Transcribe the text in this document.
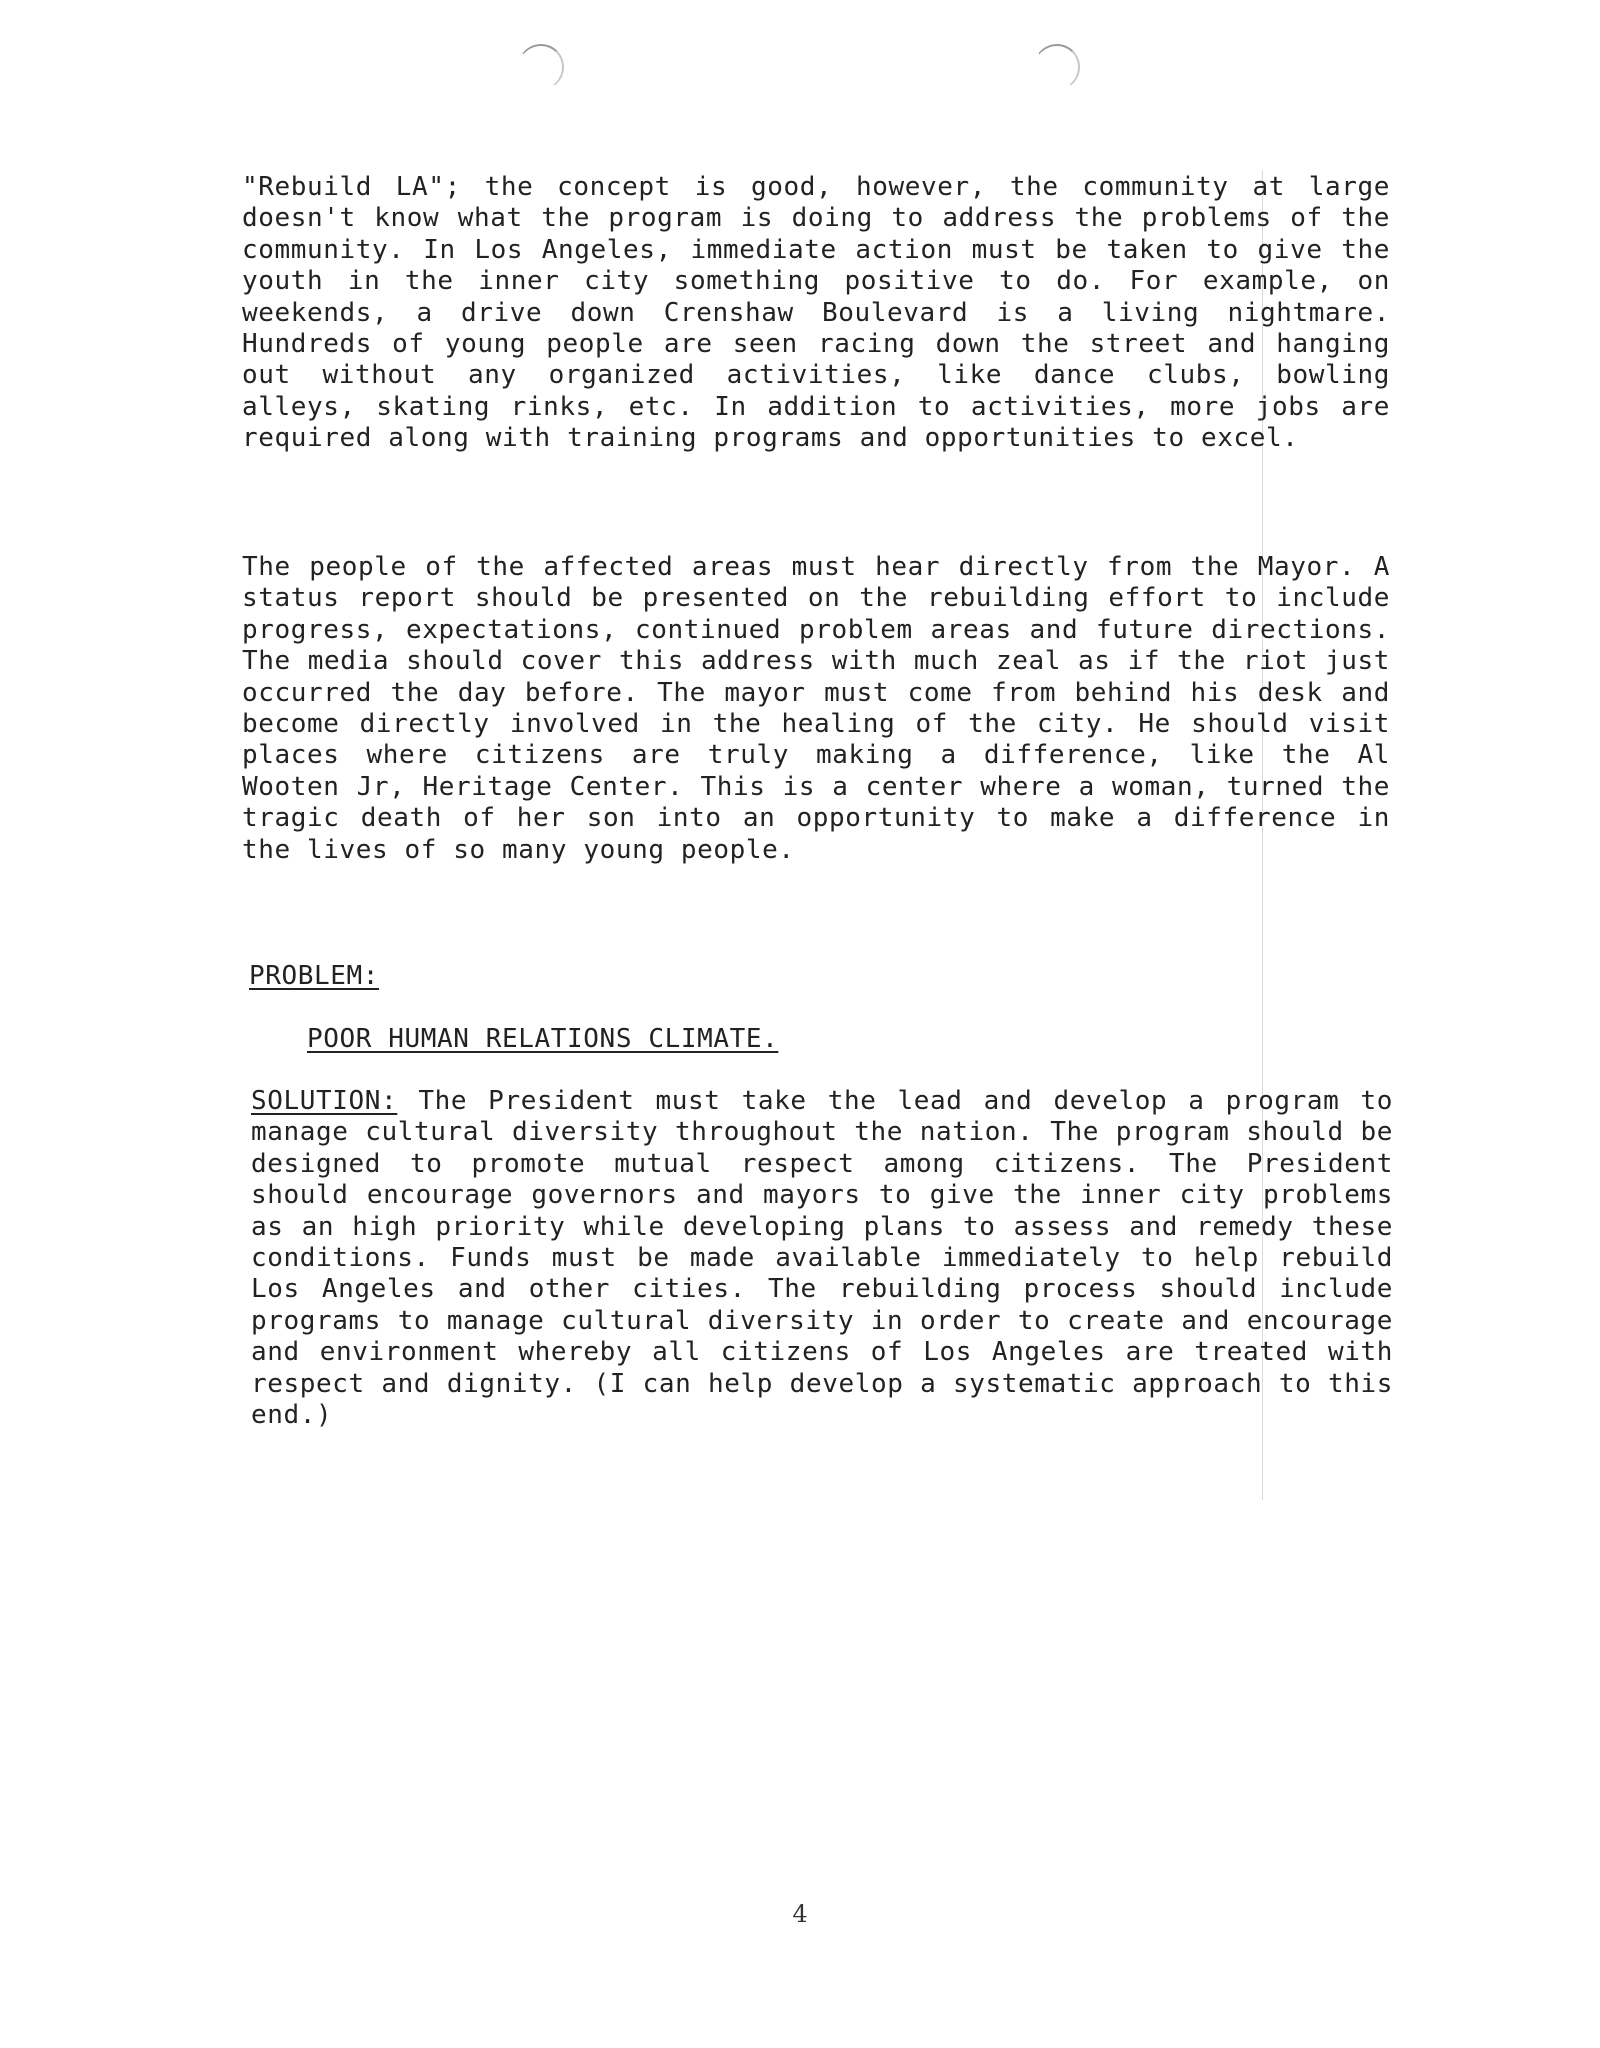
"Rebuild LA"; the concept is good, however, the community at large doesn't know what the program is doing to address the problems of the community. In Los Angeles, immediate action must be taken to give the youth in the inner city something positive to do. For example, on weekends, a drive down Crenshaw Boulevard is a living nightmare. Hundreds of young people are seen racing down the street and hanging out without any organized activities, like dance clubs, bowling alleys, skating rinks, etc. In addition to activities, more jobs are required along with training programs and opportunities to excel.

The people of the affected areas must hear directly from the Mayor. A status report should be presented on the rebuilding effort to include progress, expectations, continued problem areas and future directions. The media should cover this address with much zeal as if the riot just occurred the day before. The mayor must come from behind his desk and become directly involved in the healing of the city. He should visit places where citizens are truly making a difference, like the Al Wooten Jr, Heritage Center. This is a center where a woman, turned the tragic death of her son into an opportunity to make a difference in the lives of so many young people.

PROBLEM:

POOR HUMAN RELATIONS CLIMATE.

SOLUTION: The President must take the lead and develop a program to manage cultural diversity throughout the nation. The program should be designed to promote mutual respect among citizens. The President should encourage governors and mayors to give the inner city problems as an high priority while developing plans to assess and remedy these conditions. Funds must be made available immediately to help rebuild Los Angeles and other cities. The rebuilding process should include programs to manage cultural diversity in order to create and encourage and environment whereby all citizens of Los Angeles are treated with respect and dignity. (I can help develop a systematic approach to this end.)

4
